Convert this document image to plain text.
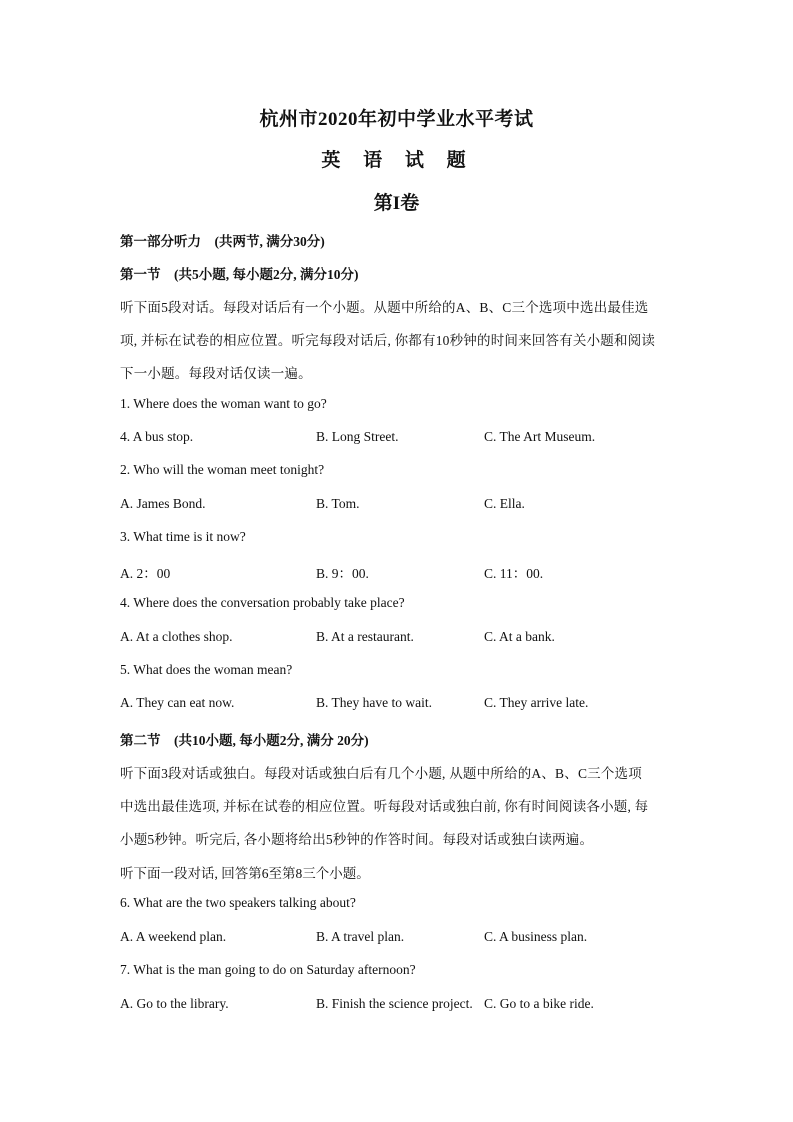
杭州市2020年初中学业水平考试
英 语 试 题
第I卷
第一部分听力　(共两节, 满分30分)
第一节　(共5小题, 每小题2分, 满分10分)
听下面5段对话。每段对话后有一个小题。从题中所给的A、B、C三个选项中选出最佳选
项, 并标在试卷的相应位置。听完每段对话后, 你都有10秒钟的时间来回答有关小题和阅读
下一小题。每段对话仅读一遍。
1. Where does the woman want to go?
4. A bus stop.	B. Long Street.	C. The Art Museum.
2. Who will the woman meet tonight?
A. James Bond.	B. Tom.	C. Ella.
3. What time is it now?
A. 2：00	B. 9：00.	C. 11：00.
4. Where does the conversation probably take place?
A. At a clothes shop.	B. At a restaurant.	C. At a bank.
5. What does the woman mean?
A. They can eat now.	B. They have to wait.	C. They arrive late.
第二节　(共10小题, 每小题2分, 满分 20分)
听下面3段对话或独白。每段对话或独白后有几个小题, 从题中所给的A、B、C三个选项
中选出最佳选项, 并标在试卷的相应位置。听每段对话或独白前, 你有时间阅读各小题, 每
小题5秒钟。听完后, 各小题将给出5秒钟的作答时间。每段对话或独白读两遍。
听下面一段对话, 回答第6至第8三个小题。
6. What are the two speakers talking about?
A. A weekend plan.	B. A travel plan.	C. A business plan.
7. What is the man going to do on Saturday afternoon?
A. Go to the library.	B. Finish the science project. C. Go to a bike ride.
